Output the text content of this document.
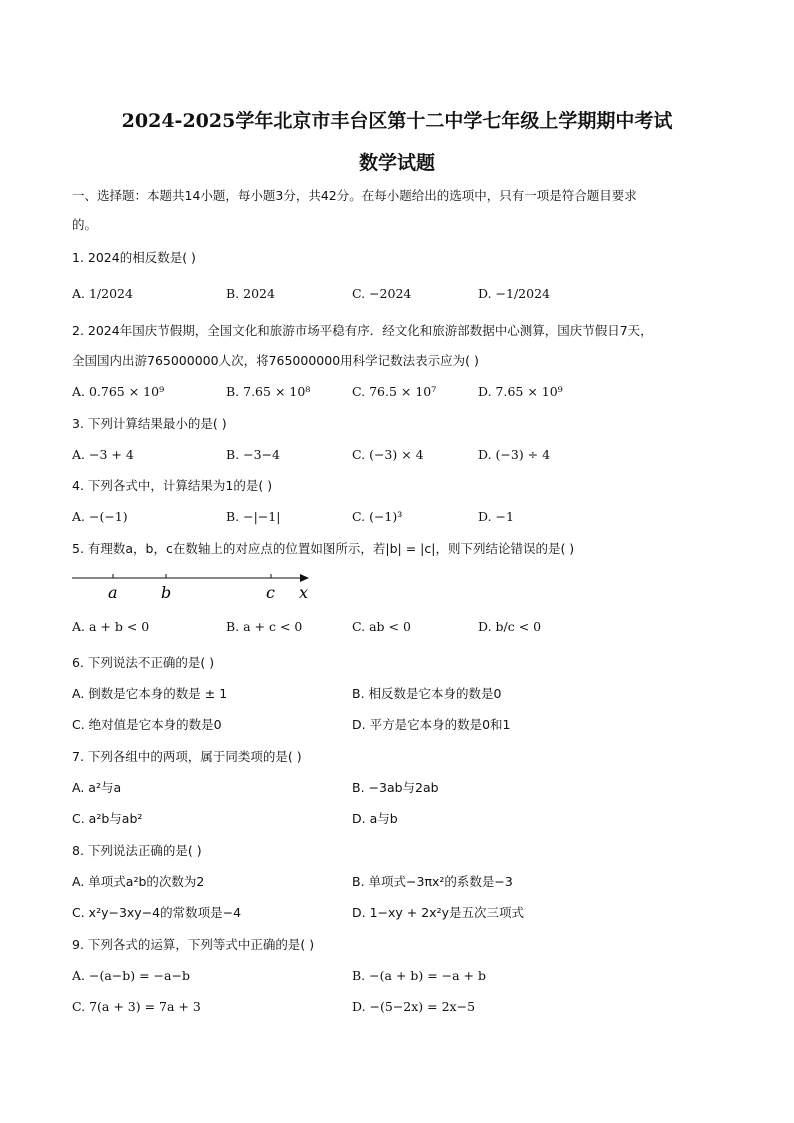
2024-2025学年北京市丰台区第十二中学七年级上学期期中考试
数学试题
一、选择题：本题共14小题，每小题3分，共42分。在每小题给出的选项中，只有一项是符合题目要求
的。
1. 2024的相反数是( )
A. 1/2024	B. 2024	C. −2024	D. −1/2024
2. 2024年国庆节假期，全国文化和旅游市场平稳有序．经文化和旅游部数据中心测算，国庆节假日7天，
全国国内出游765000000人次，将765000000用科学记数法表示应为( )
A. 0.765 × 10⁹	B. 7.65 × 10⁸	C. 76.5 × 10⁷	D. 7.65 × 10⁹
3. 下列计算结果最小的是( )
A. −3 + 4	B. −3−4	C. (−3) × 4	D. (−3) ÷ 4
4. 下列各式中，计算结果为1的是( )
A. −(−1)	B. −|−1|	C. (−1)³	D. −1
5. 有理数a，b，c在数轴上的对应点的位置如图所示，若|b| = |c|，则下列结论错误的是( )
a	b	c x
A. a + b < 0	B. a + c < 0	C. ab < 0	D. b/c < 0
6. 下列说法不正确的是( )
A. 倒数是它本身的数是 ± 1	B. 相反数是它本身的数是0
C. 绝对值是它本身的数是0	D. 平方是它本身的数是0和1
7. 下列各组中的两项，属于同类项的是( )
A. a²与a	B. −3ab与2ab
C. a²b与ab²	D. a与b
8. 下列说法正确的是( )
A. 单项式a²b的次数为2	B. 单项式−3πx²的系数是−3
C. x²y−3xy−4的常数项是−4	D. 1−xy + 2x²y是五次三项式
9. 下列各式的运算，下列等式中正确的是( )
A. −(a−b) = −a−b	B. −(a + b) = −a + b
C. 7(a + 3) = 7a + 3	D. −(5−2x) = 2x−5
